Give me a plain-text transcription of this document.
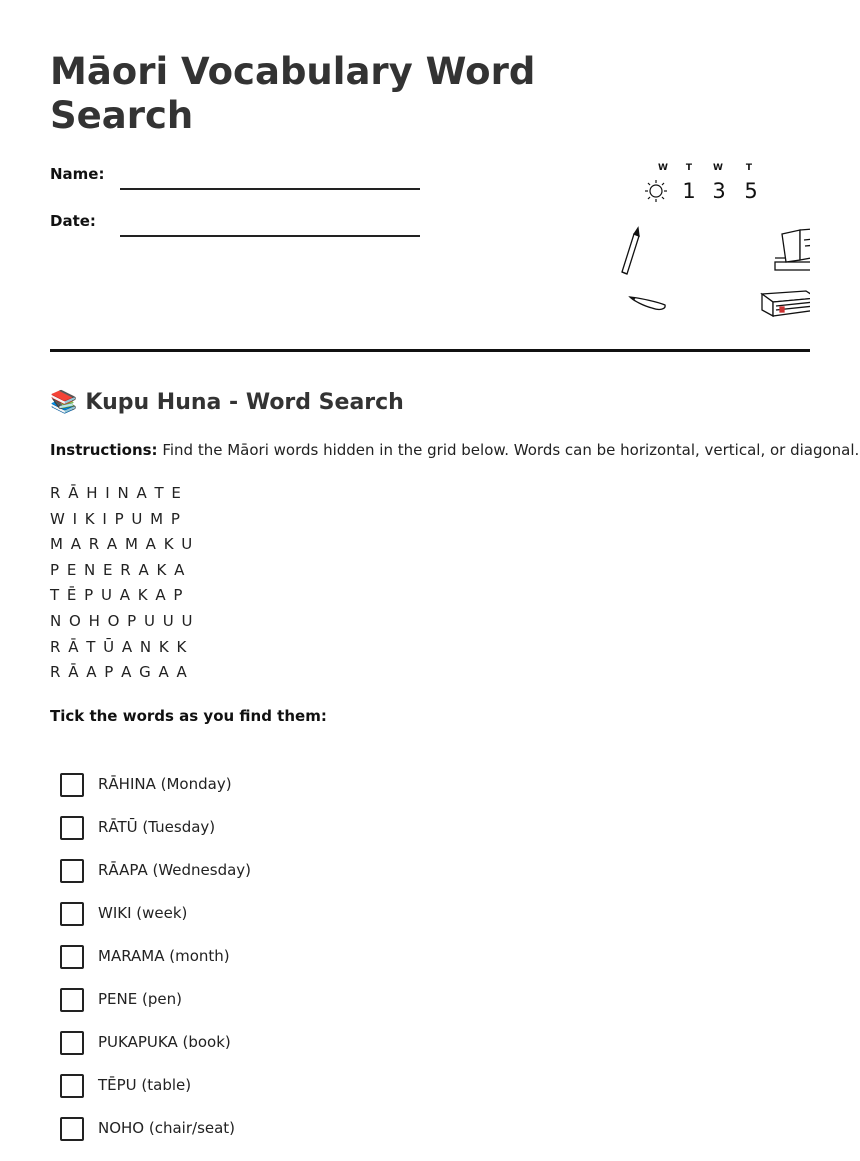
Māori Vocabulary Word Search
Name:
Date:
W T W	T
1 3 5
📚 Kupu Huna - Word Search
Instructions: Find the Māori words hidden in the grid below. Words can be horizontal, vertical, or diagonal.
R Ā H I N A T E
W I K I P U M P
M A R A M A K U
P E N E R A K A
T Ē P U A K A P
N O H O P U U U
R Ā T Ū A N K K
R Ā A P A G A A
Tick the words as you find them:
RĀHINA (Monday)
RĀTŪ (Tuesday)
RĀAPA (Wednesday)
WIKI (week)
MARAMA (month)
PENE (pen)
PUKAPUKA (book)
TĒPU (table)
NOHO (chair/seat)
